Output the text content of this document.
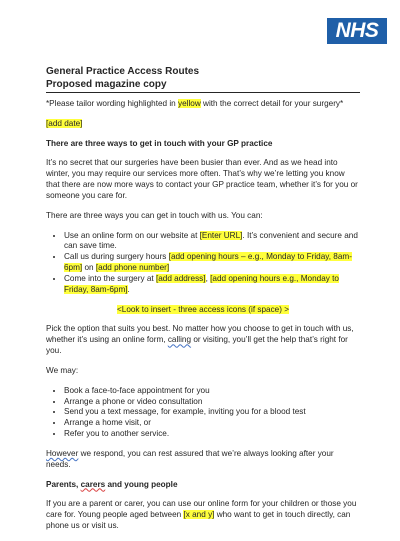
NHS
General Practice Access Routes
Proposed magazine copy

*Please tailor wording highlighted in yellow with the correct detail for your surgery*

[add date]

There are three ways to get in touch with your GP practice

It’s no secret that our surgeries have been busier than ever. And as we head into winter, you may require our services more often. That’s why we’re letting you know that there are now more ways to contact your GP practice team, whether it’s for you or someone you care for.

There are three ways you can get in touch with us. You can:

• Use an online form on our website at [Enter URL]. It’s convenient and secure and can save time.
• Call us during surgery hours [add opening hours – e.g., Monday to Friday, 8am-6pm] on [add phone number]
• Come into the surgery at [add address], [add opening hours e.g., Monday to Friday, 8am-6pm].
<Look to insert - three access icons (if space) >

Pick the option that suits you best. No matter how you choose to get in touch with us, whether it’s using an online form, calling or visiting, you’ll get the help that’s right for you.

We may:

• Book a face-to-face appointment for you
• Arrange a phone or video consultation
• Send you a text message, for example, inviting you for a blood test
• Arrange a home visit, or
• Refer you to another service.

However we respond, you can rest assured that we’re always looking after your needs.

Parents, carers and young people

If you are a parent or carer, you can use our online form for your children or those you care for. Young people aged between [x and y] who want to get in touch directly, can phone us or visit us.
